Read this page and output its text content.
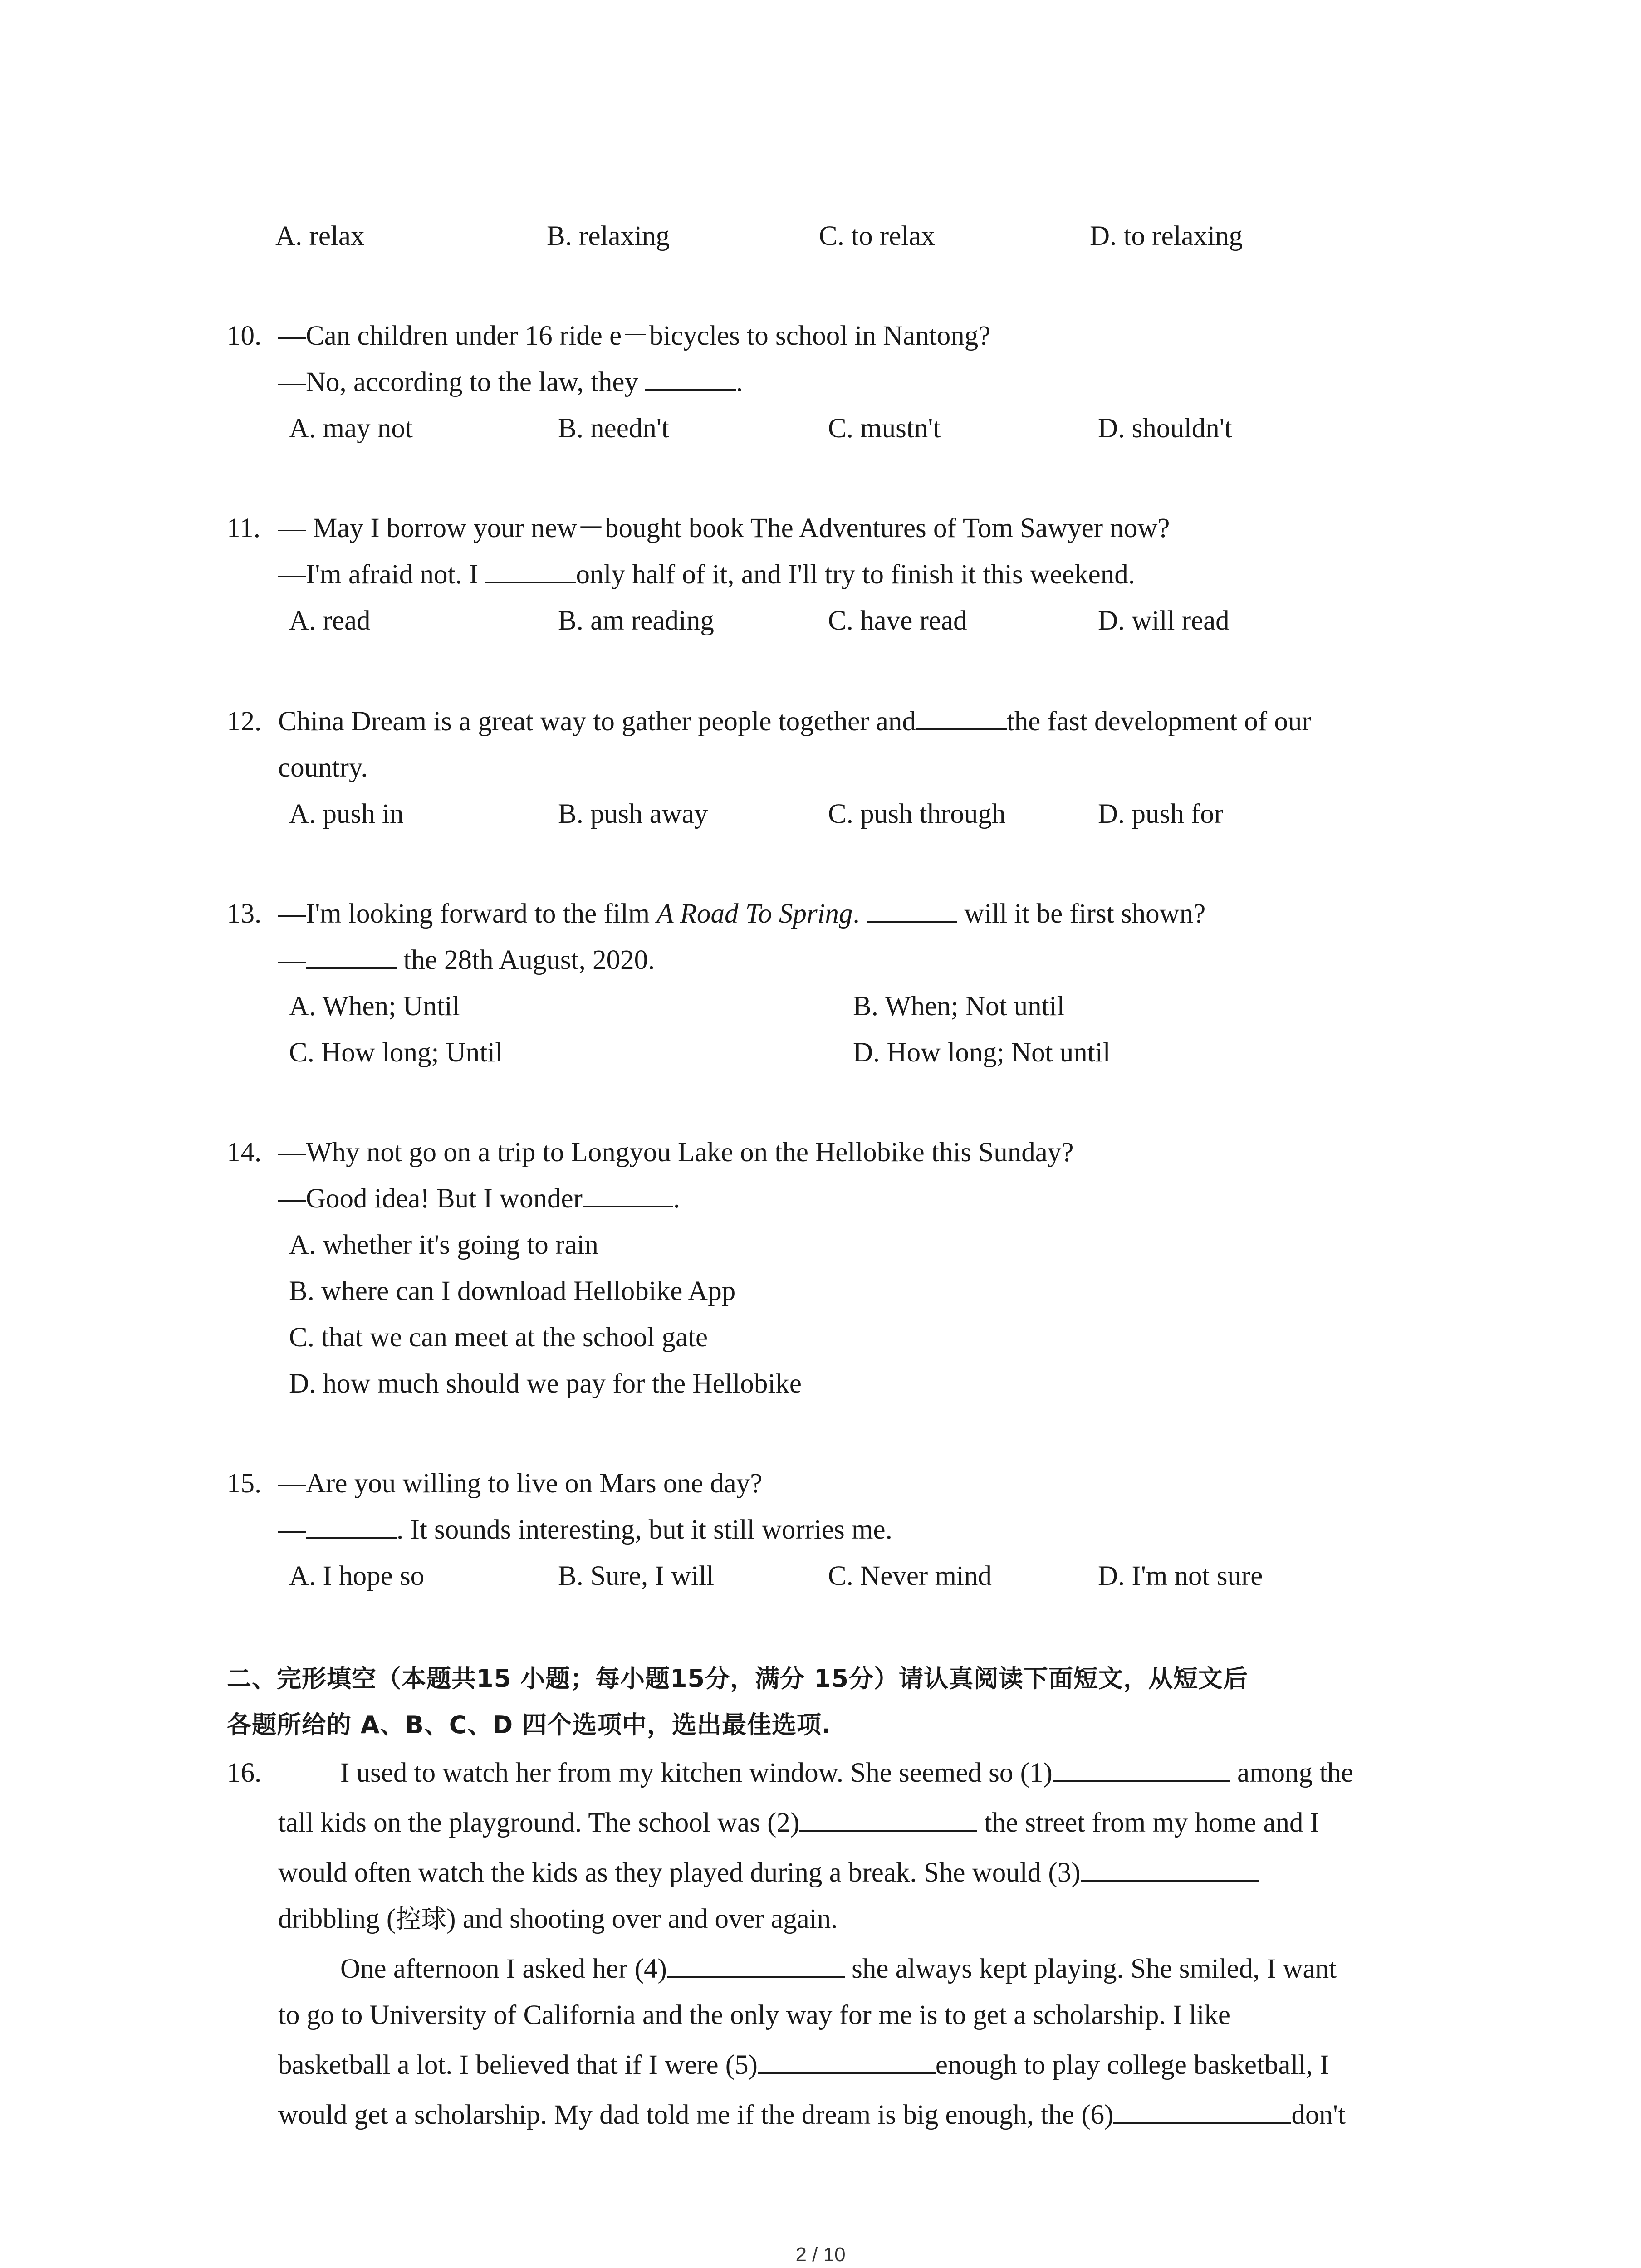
A. relax	B. relaxing	C. to relax	D. to relaxing
10. —Can children under 16 ride e－bicycles to school in Nantong?
—No, according to the law, they	.
A. may not	B. needn't	C. mustn't	D. shouldn't
11. — May I borrow your new－bought book The Adventures of Tom Sawyer now?
—I'm afraid not. I	only half of it, and I'll try to finish it this weekend.
A. read	B. am reading	C. have read	D. will read
12. China Dream is a great way to gather people together and	the fast development of our
country.
A. push in	B. push away	C. push through	D. push for
13. —I'm looking forward to the film A Road To Spring.	will it be first shown?
—	the 28th August, 2020.
A. When; Until	B. When; Not until
C. How long; Until	D. How long; Not until
14. —Why not go on a trip to Longyou Lake on the Hellobike this Sunday?
—Good idea! But I wonder	.
A. whether it's going to rain
B. where can I download Hellobike App
C. that we can meet at the school gate
D. how much should we pay for the Hellobike
15. —Are you willing to live on Mars one day?
—	. It sounds interesting, but it still worries me.
A. I hope so	B. Sure, I will	C. Never mind	D. I'm not sure
二、完形填空（本题共15 小题；每小题15分，满分 15分）请认真阅读下面短文，从短文后
各题所给的 A、B、C、D 四个选项中，选出最佳选项.
16.	I used to watch her from my kitchen window. She seemed so (1)	among the
tall kids on the playground. The school was (2)	the street from my home and I
would often watch the kids as they played during a break. She would (3)
dribbling (控球) and shooting over and over again.
One afternoon I asked her (4)	she always kept playing. She smiled, I want
to go to University of California and the only way for me is to get a scholarship. I like
basketball a lot. I believed that if I were (5)	enough to play college basketball, I
would get a scholarship. My dad told me if the dream is big enough, the (6)	don't
2 / 10
